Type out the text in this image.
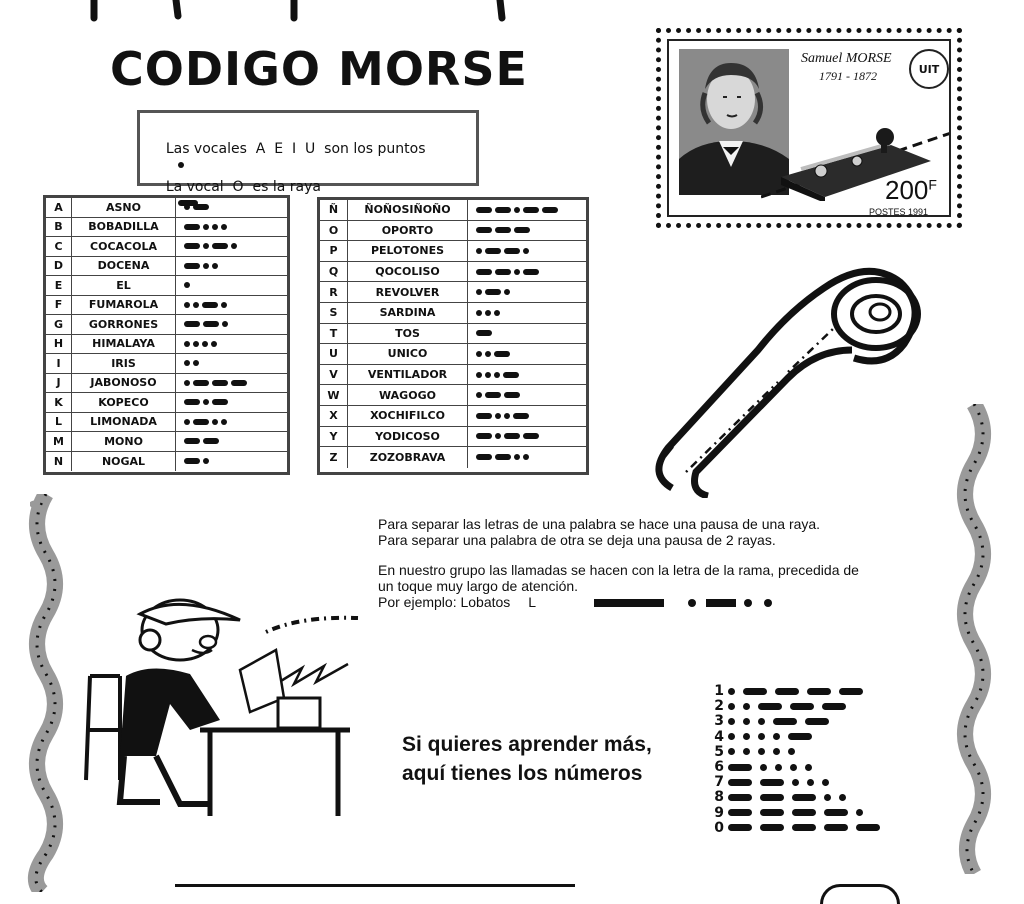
CODIGO MORSE

Las vocales  A  E  I  U  son los puntos

La vocal  O  es la raya

A	ASNO
B	BOBADILLA
C	COCACOLA
D	DOCENA
E	EL
F	FUMAROLA
G	GORRONES
H	HIMALAYA
I	IRIS
J	JABONOSO
K	KOPECO
L	LIMONADA
M	MONO
N	NOGAL
Ñ	ÑOÑOSIÑOÑO
O	OPORTO
P	PELOTONES
Q	QOCOLISO
R	REVOLVER
S	SARDINA
T	TOS
U	UNICO
V	VENTILADOR
W	WAGOGO
X	XOCHIFILCO
Y	YODICOSO
Z	ZOZOBRAVA
Samuel MORSE
1791 - 1872	UIT
$200^F$
POSTES 1991
Para separar las letras de una palabra se hace una pausa de una raya.
Para separar una palabra de otra se deja una pausa de 2 rayas.
En nuestro grupo las llamadas se hacen con la letra de la rama, precedida de
un toque muy largo de atención.
Por ejemplo: Lobatos L
Si quieres aprender más,
aquí tienes los números
1
2
3
4
5
6
7
8
9
0
